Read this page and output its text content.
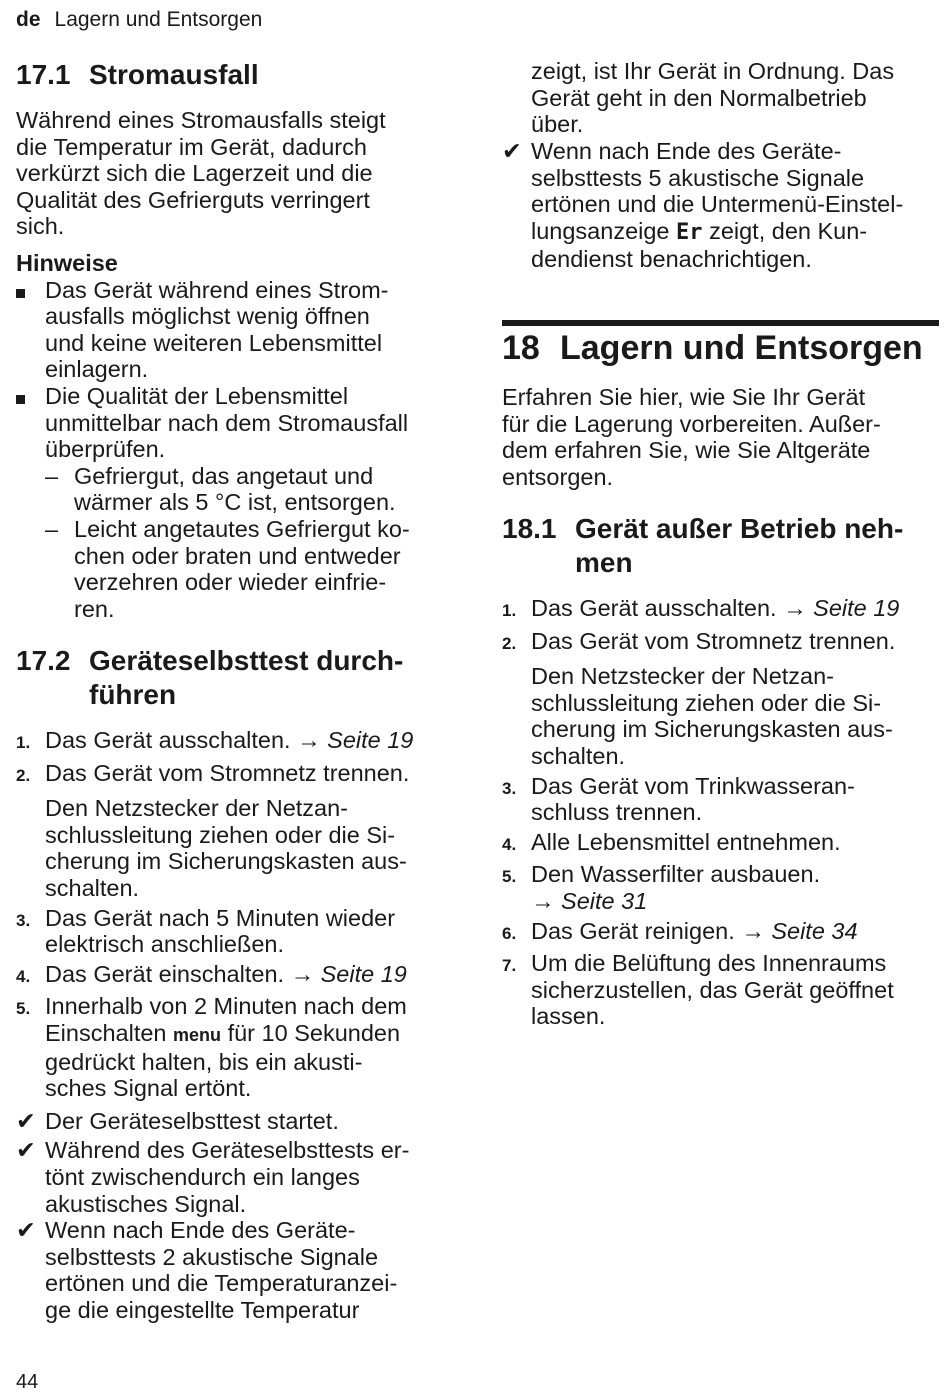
de Lagern und Entsorgen
17.1 Stromausfall

Während eines Stromausfalls steigt

die Temperatur im Gerät, dadurch

verkürzt sich die Lagerzeit und die

Qualität des Gefrierguts verringert

sich.

Hinweise

Das Gerät während eines Strom-
ausfalls möglichst wenig öffnen
und keine weiteren Lebensmittel
einlagern.
Die Qualität der Lebensmittel
unmittelbar nach dem Stromausfall
überprüfen.
– Gefriergut, das angetaut und
wärmer als 5 °C ist, entsorgen.
– Leicht angetautes Gefriergut ko-
chen oder braten und entweder
verzehren oder wieder einfrie-
ren.
17.2 Geräteselbsttest durch-
führen
1. Das Gerät ausschalten. → Seite 19
2. Das Gerät vom Stromnetz trennen.
Den Netzstecker der Netzan-
schlussleitung ziehen oder die Si-
cherung im Sicherungskasten aus-
schalten.
3. Das Gerät nach 5 Minuten wieder
elektrisch anschließen.
4. Das Gerät einschalten. → Seite 19
5. Innerhalb von 2 Minuten nach dem
Einschalten menu für 10 Sekunden
gedrückt halten, bis ein akusti-
sches Signal ertönt.
✔ Der Geräteselbsttest startet.
✔ Während des Geräteselbsttests er-
tönt zwischendurch ein langes
akustisches Signal.
✔ Wenn nach Ende des Geräte-
selbsttests 2 akustische Signale
ertönen und die Temperaturanzei-
ge die eingestellte Temperatur

zeigt, ist Ihr Gerät in Ordnung. Das

Gerät geht in den Normalbetrieb

über.

✔ Wenn nach Ende des Geräte-
selbsttests 5 akustische Signale
ertönen und die Untermenü-Einstel-
lungsanzeige Er zeigt, den Kun-
dendienst benachrichtigen.
18 Lagern und Entsorgen

Erfahren Sie hier, wie Sie Ihr Gerät

für die Lagerung vorbereiten. Außer-

dem erfahren Sie, wie Sie Altgeräte

entsorgen.

18.1 Gerät außer Betrieb neh-
men
1. Das Gerät ausschalten. → Seite 19
2. Das Gerät vom Stromnetz trennen.
Den Netzstecker der Netzan-
schlussleitung ziehen oder die Si-
cherung im Sicherungskasten aus-
schalten.
3. Das Gerät vom Trinkwasseran-
schluss trennen.
4. Alle Lebensmittel entnehmen.
5. Den Wasserfilter ausbauen.
→ Seite 31
6. Das Gerät reinigen. → Seite 34
7. Um die Belüftung des Innenraums
sicherzustellen, das Gerät geöffnet
lassen.
44
